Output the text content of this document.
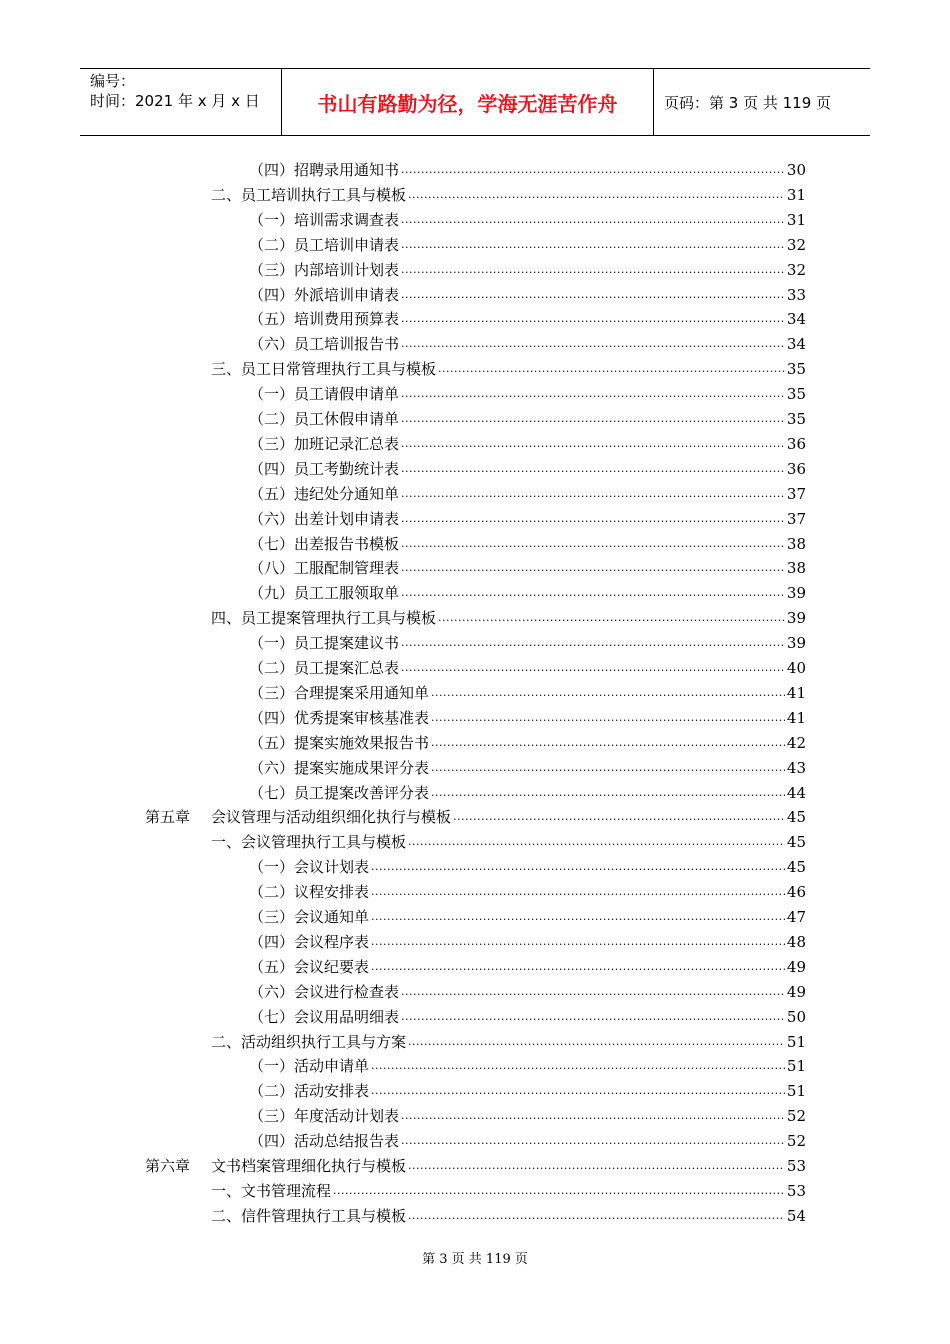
编号：
时间：2021 年 x 月 x 日	书山有路勤为径，学海无涯苦作舟	页码：第 3 页 共 119 页
（四）招聘录用通知书 .....	30
二、员工培训执行工具与模板 .....	31
（一）培训需求调查表 .....	31
（二）员工培训申请表 .....	32
（三）内部培训计划表 .....	32
（四）外派培训申请表 .....	33
（五）培训费用预算表 .....	34
（六）员工培训报告书 .....	34
三、员工日常管理执行工具与模板 .....	35
（一）员工请假申请单 .....	35
（二）员工休假申请单 .....	35
（三）加班记录汇总表 .....	36
（四）员工考勤统计表 .....	36
（五）违纪处分通知单 .....	37
（六）出差计划申请表 .....	37
（七）出差报告书模板 .....	38
（八）工服配制管理表 .....	38
（九）员工工服领取单 .....	39
四、员工提案管理执行工具与模板 .....	39
（一）员工提案建议书 .....	39
（二）员工提案汇总表 .....	40
（三）合理提案采用通知单 .....	41
（四）优秀提案审核基准表 .....	41
（五）提案实施效果报告书 .....	42
（六）提案实施成果评分表 .....	43
（七）员工提案改善评分表 .....	44
第五章 会议管理与活动组织细化执行与模板 .....	45
一、会议管理执行工具与模板 .....	45
（一）会议计划表 .....	45
（二）议程安排表 .....	46
（三）会议通知单 .....	47
（四）会议程序表 .....	48
（五）会议纪要表 .....	49
（六）会议进行检查表 .....	49
（七）会议用品明细表 .....	50
二、活动组织执行工具与方案 .....	51
（一）活动申请单 .....	51
（二）活动安排表 .....	51
（三）年度活动计划表 .....	52
（四）活动总结报告表 .....	52
第六章 文书档案管理细化执行与模板 .....	53
一、文书管理流程 .....	53
二、信件管理执行工具与模板 .....	54
第 3 页 共 119 页
